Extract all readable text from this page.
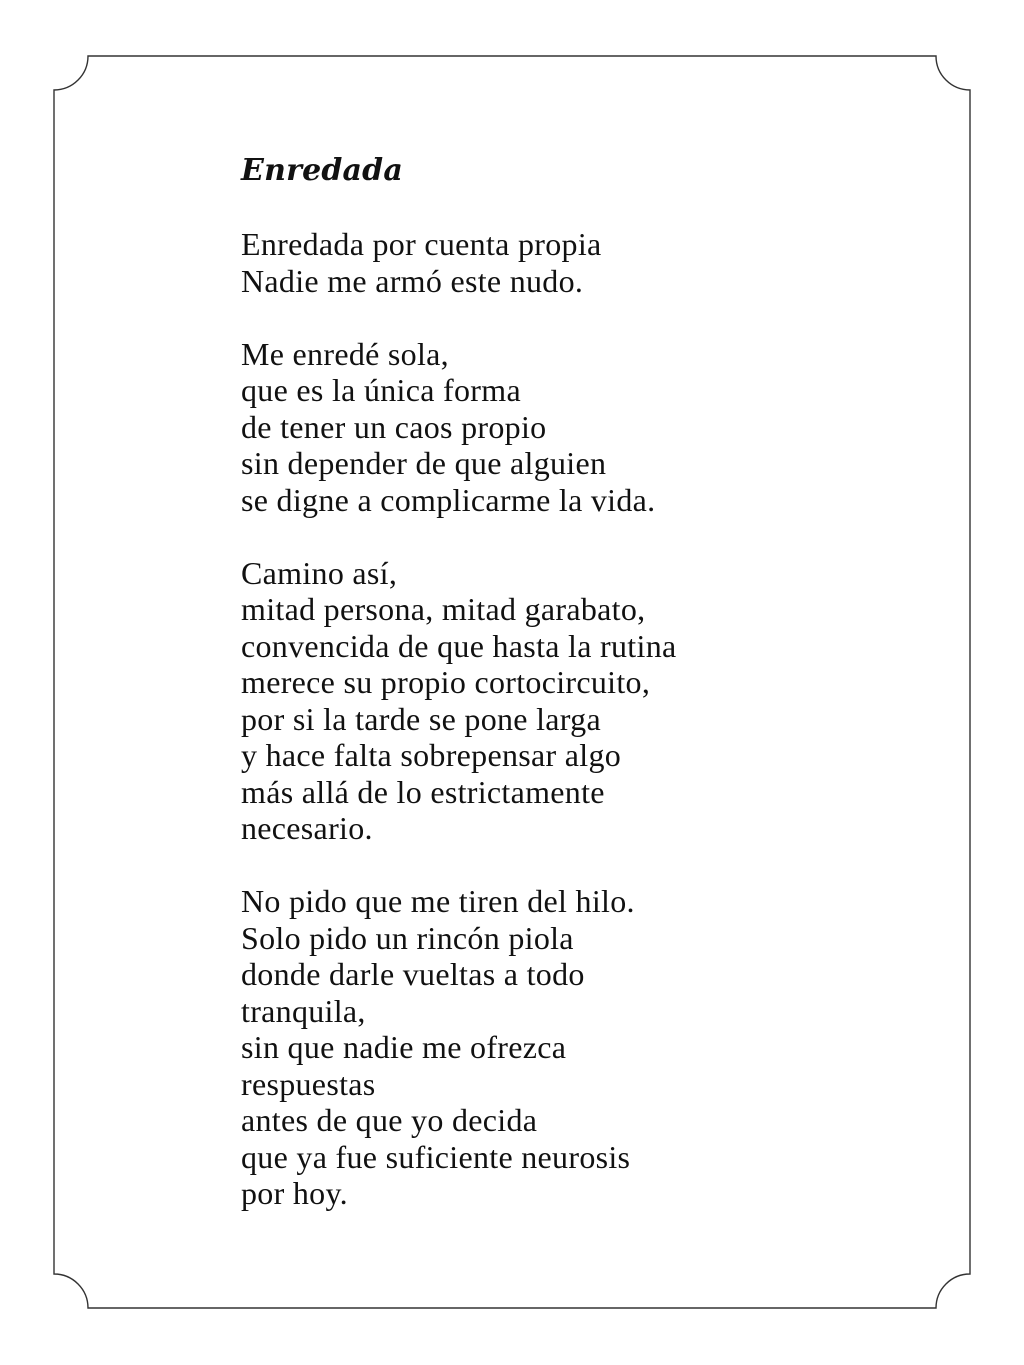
Enredada
Enredada por cuenta propia
Nadie me armó este nudo.
Me enredé sola,
que es la única forma
de tener un caos propio
sin depender de que alguien
se digne a complicarme la vida.
Camino así,
mitad persona, mitad garabato,
convencida de que hasta la rutina
merece su propio cortocircuito,
por si la tarde se pone larga
y hace falta sobrepensar algo
más allá de lo estrictamente
necesario.
No pido que me tiren del hilo.
Solo pido un rincón piola
donde darle vueltas a todo
tranquila,
sin que nadie me ofrezca
respuestas
antes de que yo decida
que ya fue suficiente neurosis
por hoy.
